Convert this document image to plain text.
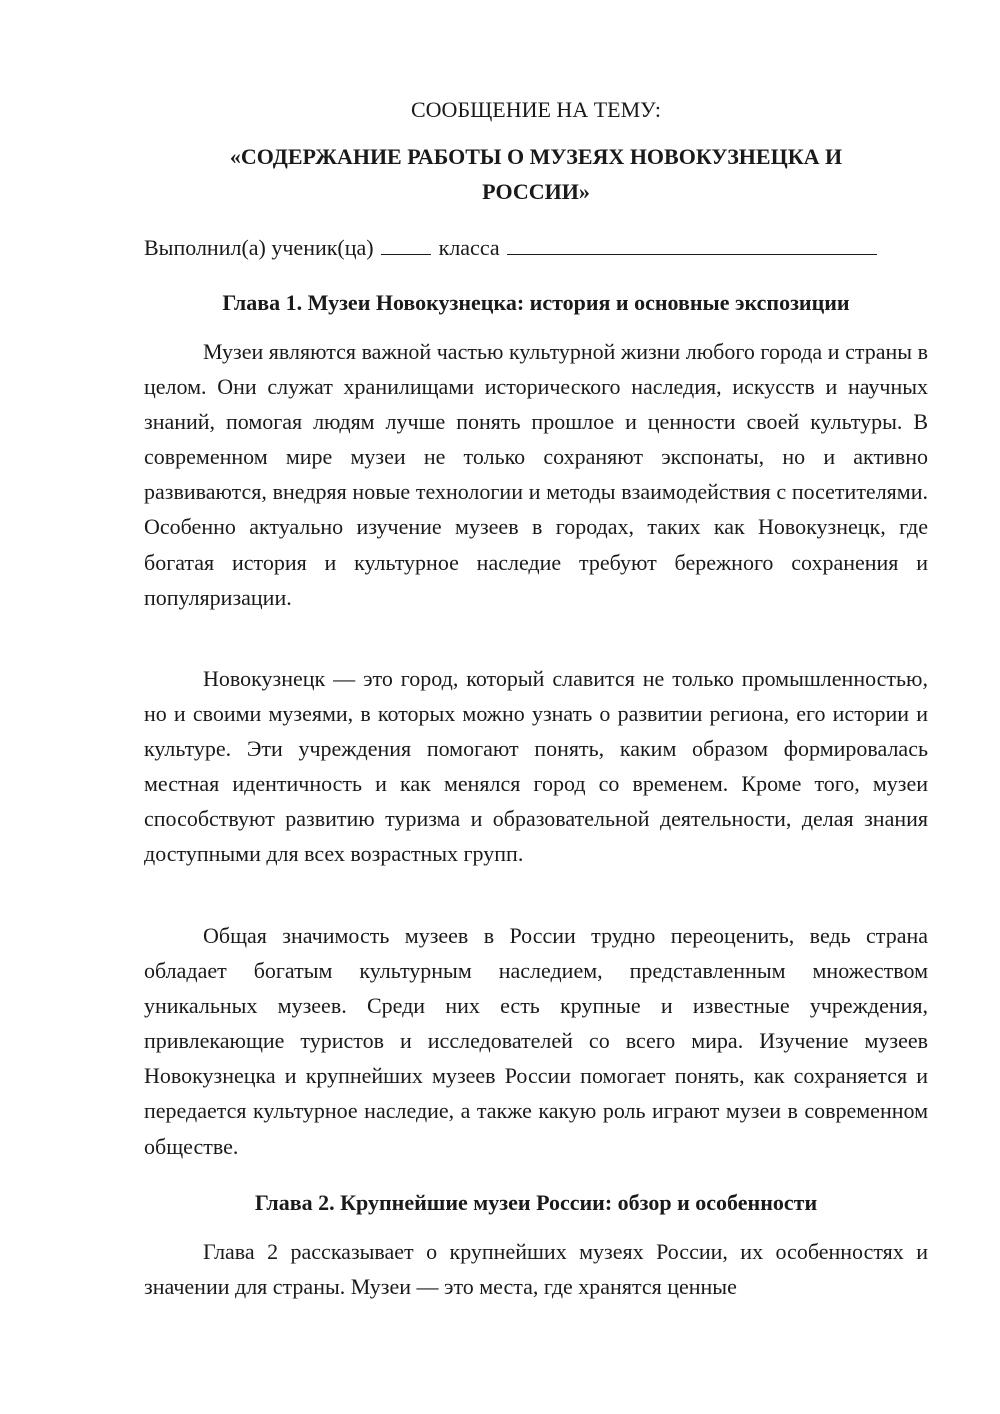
СООБЩЕНИЕ НА ТЕМУ:
«СОДЕРЖАНИЕ РАБОТЫ О МУЗЕЯХ НОВОКУЗНЕЦКА И
РОССИИ»
Выполнил(а) ученик(ца)	класса
Глава 1. Музеи Новокузнецка: история и основные экспозиции

Музеи являются важной частью культурной жизни любого города и страны в целом. Они служат хранилищами исторического наследия, искусств и научных знаний, помогая людям лучше понять прошлое и ценности своей культуры. В современном мире музеи не только сохраняют экспонаты, но и активно развиваются, внедряя новые технологии и методы взаимодействия с посетителями. Особенно актуально изучение музеев в городах, таких как Новокузнецк, где богатая история и культурное наследие требуют бережного сохранения и популяризации.

Новокузнецк — это город, который славится не только промышленностью, но и своими музеями, в которых можно узнать о развитии региона, его истории и культуре. Эти учреждения помогают понять, каким образом формировалась местная идентичность и как менялся город со временем. Кроме того, музеи способствуют развитию туризма и образовательной деятельности, делая знания доступными для всех возрастных групп.

Общая значимость музеев в России трудно переоценить, ведь страна обладает богатым культурным наследием, представленным множеством уникальных музеев. Среди них есть крупные и известные учреждения, привлекающие туристов и исследователей со всего мира. Изучение музеев Новокузнецка и крупнейших музеев России помогает понять, как сохраняется и передается культурное наследие, а также какую роль играют музеи в современном обществе.

Глава 2. Крупнейшие музеи России: обзор и особенности

Глава 2 рассказывает о крупнейших музеях России, их особенностях и значении для страны. Музеи — это места, где хранятся ценные
